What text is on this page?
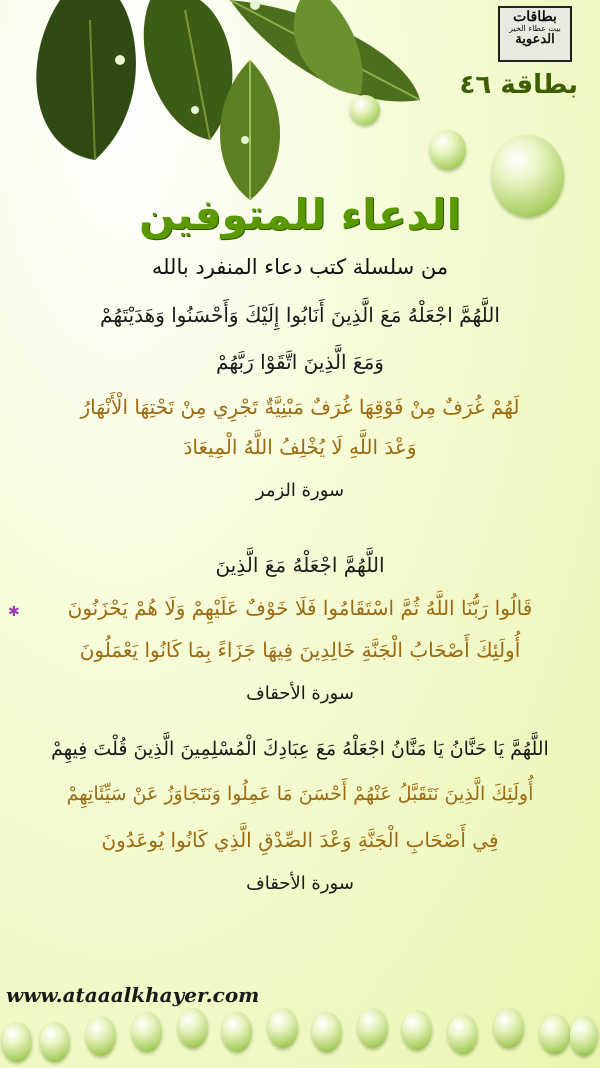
بطاقات
بيت عطاء الخير
الدعوية
بطاقة ٤٦
الدعاء للمتوفين
من سلسلة كتب دعاء المنفرد بالله
اللَّهُمَّ اجْعَلْهُ مَعَ الَّذِينَ أَنَابُوا إِلَيْكَ وَأَحْسَنُوا وَهَدَيْتَهُمْ
وَمَعَ الَّذِينَ اتَّقَوْا رَبَّهُمْ
لَهُمْ غُرَفٌ مِنْ فَوْقِهَا غُرَفٌ مَبْنِيَّةٌ تَجْرِي مِنْ تَحْتِهَا الْأَنْهَارُ
وَعْدَ اللَّهِ لَا يُخْلِفُ اللَّهُ الْمِيعَادَ
سورة الزمر
اللَّهُمَّ اجْعَلْهُ مَعَ الَّذِينَ
✱	قَالُوا رَبُّنَا اللَّهُ ثُمَّ اسْتَقَامُوا فَلَا خَوْفٌ عَلَيْهِمْ وَلَا هُمْ يَحْزَنُونَ
أُولَئِكَ أَصْحَابُ الْجَنَّةِ خَالِدِينَ فِيهَا جَزَاءً بِمَا كَانُوا يَعْمَلُونَ
سورة الأحقاف
اللَّهُمَّ يَا حَنَّانُ يَا مَنَّانُ اجْعَلْهُ مَعَ عِبَادِكَ الْمُسْلِمِينَ الَّذِينَ قُلْتَ فِيهِمْ
أُولَئِكَ الَّذِينَ نَتَقَبَّلُ عَنْهُمْ أَحْسَنَ مَا عَمِلُوا وَنَتَجَاوَزُ عَنْ سَيِّئَاتِهِمْ
فِي أَصْحَابِ الْجَنَّةِ وَعْدَ الصِّدْقِ الَّذِي كَانُوا يُوعَدُونَ
سورة الأحقاف
www.ataaalkhayer.com
